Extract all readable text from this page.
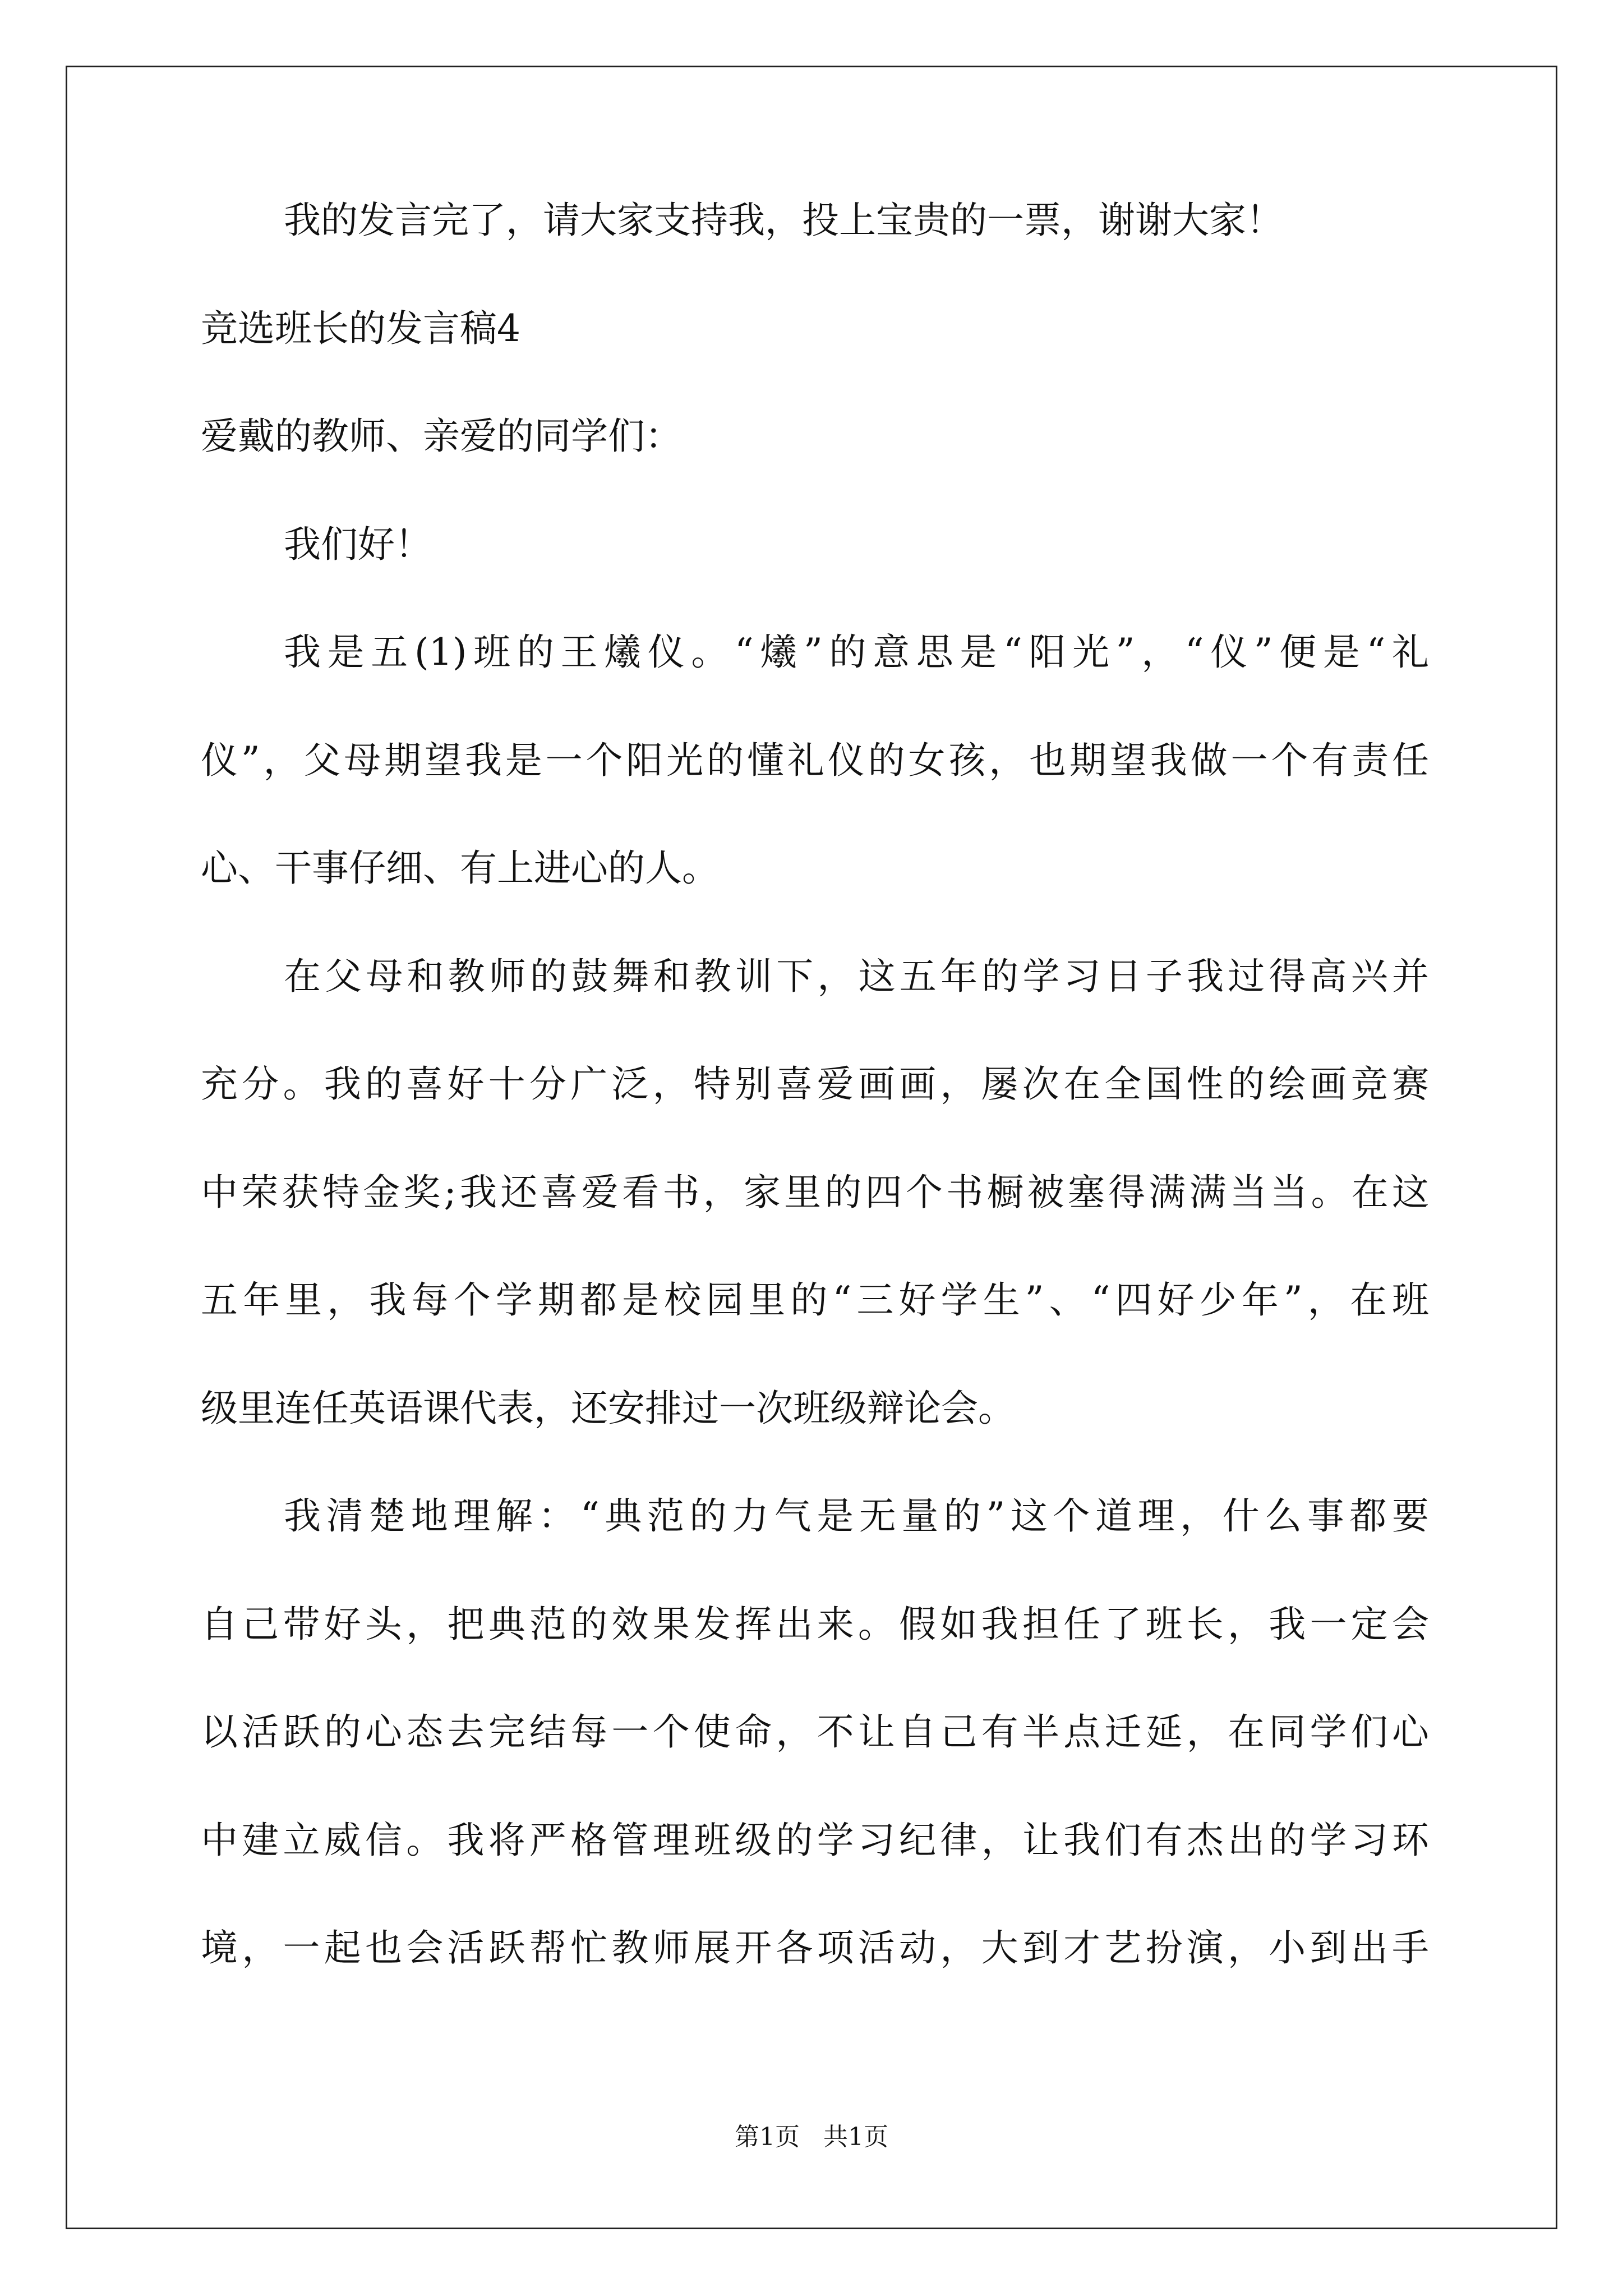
我的发言完了，请大家支持我，投上宝贵的一票，谢谢大家！
竞选班长的发言稿4
爱戴的教师、亲爱的同学们：
我们好！
我是五(1)班的王爔仪。“爔”的意思是“阳光”，“仪”便是“礼
仪”，父母期望我是一个阳光的懂礼仪的女孩，也期望我做一个有责任
心、干事仔细、有上进心的人。
在父母和教师的鼓舞和教训下，这五年的学习日子我过得高兴并
充分。我的喜好十分广泛，特别喜爱画画，屡次在全国性的绘画竞赛
中荣获特金奖;我还喜爱看书，家里的四个书橱被塞得满满当当。在这
五年里，我每个学期都是校园里的“三好学生”、“四好少年”，在班
级里连任英语课代表，还安排过一次班级辩论会。
我清楚地理解：“典范的力气是无量的”这个道理，什么事都要
自己带好头，把典范的效果发挥出来。假如我担任了班长，我一定会
以活跃的心态去完结每一个使命，不让自己有半点迁延，在同学们心
中建立威信。我将严格管理班级的学习纪律，让我们有杰出的学习环
境，一起也会活跃帮忙教师展开各项活动，大到才艺扮演，小到出手
第1页   共1页
